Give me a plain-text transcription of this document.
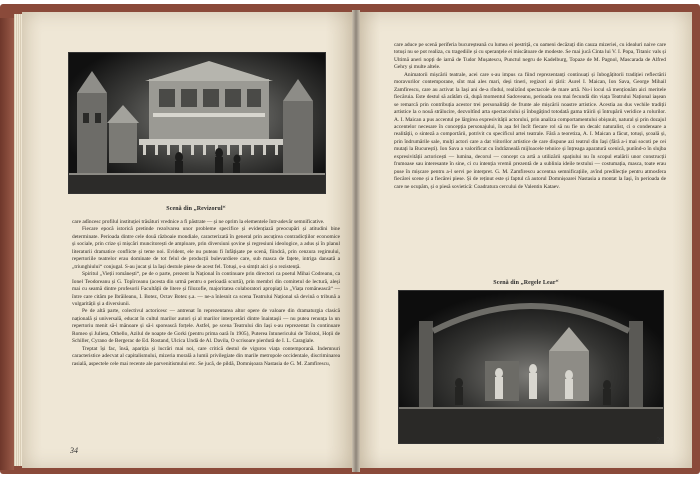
Scenă din „Revizorul“

care adîncesc profilul instituției trăsături vrednice a fi păstrate — și ne oprim la elementele într-adevăr semnificative.

Fiecare epocă istorică pretinde rezolvarea unor probleme specifice și evidențiază preocupări și atitudini bine determinate. Perioada dintre cele două războaie mondiale, caracterizată în general prin ascuțirea contradicțiilor economice și sociale, prin crize și mișcări muncitorești de amploare, prin diversiuni șovine și regresiuni ideologice, a adus și în planul literaturii dramatice conflicte și teme noi. Evident, ele nu puteau fi înfățișate pe scenă, fiindcă, prin cenzura regimului, repertoriile teatrelor erau dominate de tot felul de producții bulevardiere care, sub masca de fațete, intriga dansată a „triunghiului“ conjugal. S-au jucat și la Iași destule piese de acest fel. Totuși, s-a simțit aici și o rezistență.

Spiritul „Vieții românești“, pe de o parte, prezent la Național în continuare prin directori ca poetul Mihai Codreanu, ca Ionel Teodoreanu și G. Topîrceanu (acesta din urmă pentru o perioadă scurtă), prin membri din comitetul de lectură, aleși mai cu seamă dintre profesorii Facultății de litere și filozofie, majoritatea colaboratori apropiați la „Viața românească“ — între care cităm pe Ibrăileanu, I. Botez, Octav Botez ș.a. — ne-a înlesnit ca scena Teatrului Național să devină o tribună a vulgarității și a diversiunii.

Pe de altă parte, colectivul actoricesc — antrenat în reprezentarea altor opere de valoare din dramaturgia clasică națională și universală, educat în cultul marilor autori și al marilor interpretări dintre înaintașii — nu putea renunța la un repertoriu menit să-i mănoare și să-i sporească forțele. Astfel, pe scena Teatrului din Iași s-au reprezentat în continuare Romeo și Julieta, Othello, Azilul de noapte de Gorki (pentru prima oară în 1905), Puterea întunericului de Tolstoi, Hoții de Schiller, Cyrano de Bergerac de Ed. Rostand, Ulcica Undă de Al. Davila, O scrisoare pierdută de I. L. Caragiale.

Treptat își fac, însă, apariția și lucrări mai noi, care critică destul de viguros viața contemporană. Indemnuri caracteristice adecvat al capitalismului, mizeria morală a lumii privilegiate din marile metropole occidentale, discriminarea rasială, aspectele cele mai recente ale parvenitismului etc. Se jucă, de pildă, Domnișoara Nastasia de G. M. Zamfirescu,

34

care aduce pe scenă periferia bucureșteană cu lumea ei pestriță, cu oameni decăzuți din cauza mizeriei, cu idealuri naive care totuși nu se pot realiza, cu tragediile și cu speranțele ei miscătoare de modeste. Se mai jucă Cinta lui V. I. Popa, Titanic vals și Ultimă aneri nopți de iarnă de Tudor Mușatescu, Punctul negru de Kadelburg, Topaze de M. Pagnol, Mascarada de Alfred Gehry și multe altele.

Animatorii mișcării teatrale, acei care s-au impus ca fiind reprezentanți continuați și înbogățitorii tradiției reflectării moravurilor contemporane, sînt mai ales mari, deși tineri, regizori ai țării: Aurel I. Maican, Ion Sava, George Mihail Zamfirescu, care au activat la Iași ani de-a rîndul, realizînd spectacole de mare artă. Nu-i locul să menționăm aici meritele fiecăruia. Este destul să arătăm că, după momentul Sadoveanu, perioada cea mai fecundă din viața Teatrului Național iașean se remarcă prin contribuția acestor trei personalități de frunte ale mișcării noastre artistice. Acestia au dus vechile tradiții artistice la o nouă strălucire, dezvoltînd arta spectacolului și înbogățind totodată gama trăirii și întrupării veridice a rolurilor. A. I. Maican a pus accentul pe lărgirea expresivității actorului, prin analiza comportamentului obișnuit, natural și prin dozajul accentelor necesare în concepția personajului, în așa fel încît fiecare rol să nu fie un decalc naturalist, ci o condensare a realității, o sinteză a comportării, potrivit cu specificul artei teatrale. Fără a teoretiza, A. I. Maican a făcut, totuși, școală și, prin îndrumările sale, mulți actori care a dat viitorilor artistice de care dispune azi teatrul din Iași (fără a-i mai socoti pe cei mutați la București). Ion Sava a valorificat cu îndrăzneală mijloacele tehnice și înțreaga aparatură scenică, punînd-o în slujba expresivității actoricești — lumina, decorul — concept ca artă a utilizării spațiului nu în scopul etalării unor construcții frumoase sau interesante în sine, ci cu intenția vremii prezentă de a sublinia ideile textului — costumația, masca, toate erau puse în mișcare pentru a-l servi pe interpret. G. M. Zamfirescu accentua semnificațiile, avînd predilecție pentru atmosfera fiecărei scene și a fiecărei piese. Și de reținut este și faptul că autorul Domnișoarei Nastasia a montat la Iași, în perioada de care ne ocupăm, și o piesă sovietică: Coadratura cercului de Valentin Kataev.

Scenă din „Regele Lear“
35
